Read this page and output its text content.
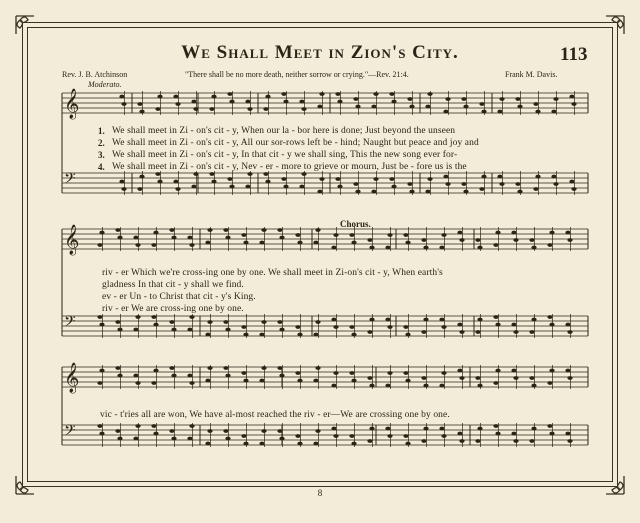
We Shall Meet in Zion's City.	113
Rev. J. B. Atchinson	"There shall be no more death, neither sorrow or crying."—Rev. 21:4.	Frank M. Davis.
Moderato.
𝄞
𝄢
𝄞
𝄢
𝄞
𝄢
1.
2.
3.
4.
We shall meet in Zi - on's cit - y, When our la - bor here is done; Just beyond the unseen
We shall meet in Zi - on's cit - y, All our sor-rows left be - hind; Naught but peace and joy and
We shall meet in Zi - on's cit - y, In that cit - y we shall sing, This the new song ever for-
We shall meet in Zi - on's cit - y, Nev - er - more to grieve or mourn, Just be - fore us is the
Chorus.
riv - er Which we're cross-ing one by one. We shall meet in Zi-on's cit - y, When earth's
gladness In that cit - y shall we find.
ev - er Un - to Christ that cit - y's King.
riv - er We are cross-ing one by one.
vic - t'ries all are won, We have al-most reached the riv - er—We are crossing one by one.
8
